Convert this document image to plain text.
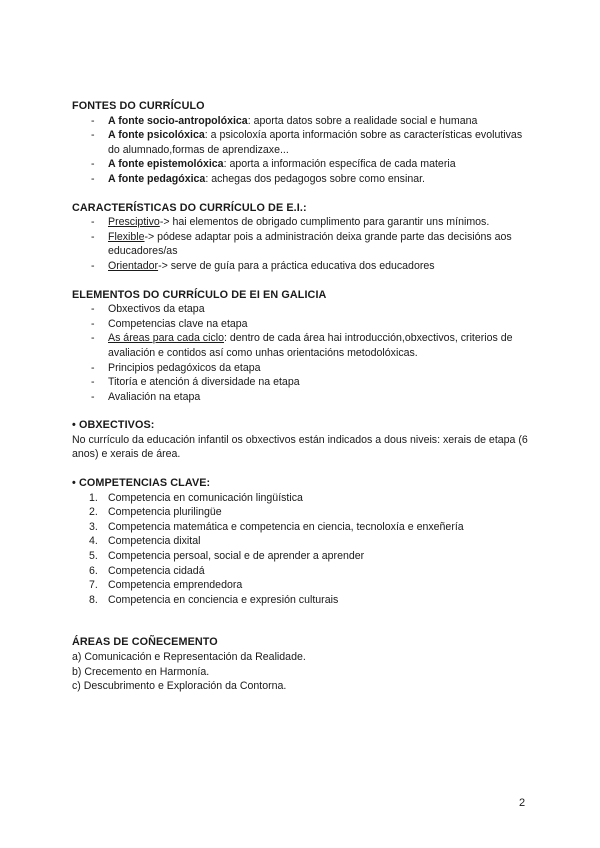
FONTES DO CURRÍCULO
- A fonte socio-antropolóxica: aporta datos sobre a realidade social e humana
- A fonte psicolóxica: a psicoloxía aporta información sobre as características evolutivas do alumnado,formas de aprendizaxe...
- A fonte epistemolóxica: aporta a información específica de cada materia
- A fonte pedagóxica: achegas dos pedagogos sobre como ensinar.
CARACTERÍSTICAS DO CURRÍCULO DE E.I.:
- Presciptivo-> hai elementos de obrigado cumplimento para garantir uns mínimos.
- Flexible-> pódese adaptar pois a administración deixa grande parte das decisións aos educadores/as
- Orientador-> serve de guía para a práctica educativa dos educadores
ELEMENTOS DO CURRÍCULO DE EI EN GALICIA
- Obxectivos da etapa
- Competencias clave na etapa
- As áreas para cada ciclo: dentro de cada área hai introducción,obxectivos, criterios de avaliación e contidos así como unhas orientacións metodolóxicas.
- Principios pedagóxicos da etapa
- Titoría e atención á diversidade na etapa
- Avaliación na etapa
• OBXECTIVOS:

No currículo da educación infantil os obxectivos están indicados a dous niveis: xerais de etapa (6 anos) e xerais de área.

• COMPETENCIAS CLAVE:
1. Competencia en comunicación lingüística
2. Competencia plurilingüe
3. Competencia matemática e competencia en ciencia, tecnoloxía e enxeñería
4. Competencia dixital
5. Competencia persoal, social e de aprender a aprender
6. Competencia cidadá
7. Competencia emprendedora
8. Competencia en conciencia e expresión culturais
ÁREAS DE COÑECEMENTO
a) Comunicación e Representación da Realidade.
b) Crecemento en Harmonía.
c) Descubrimento e Exploración da Contorna.
2
